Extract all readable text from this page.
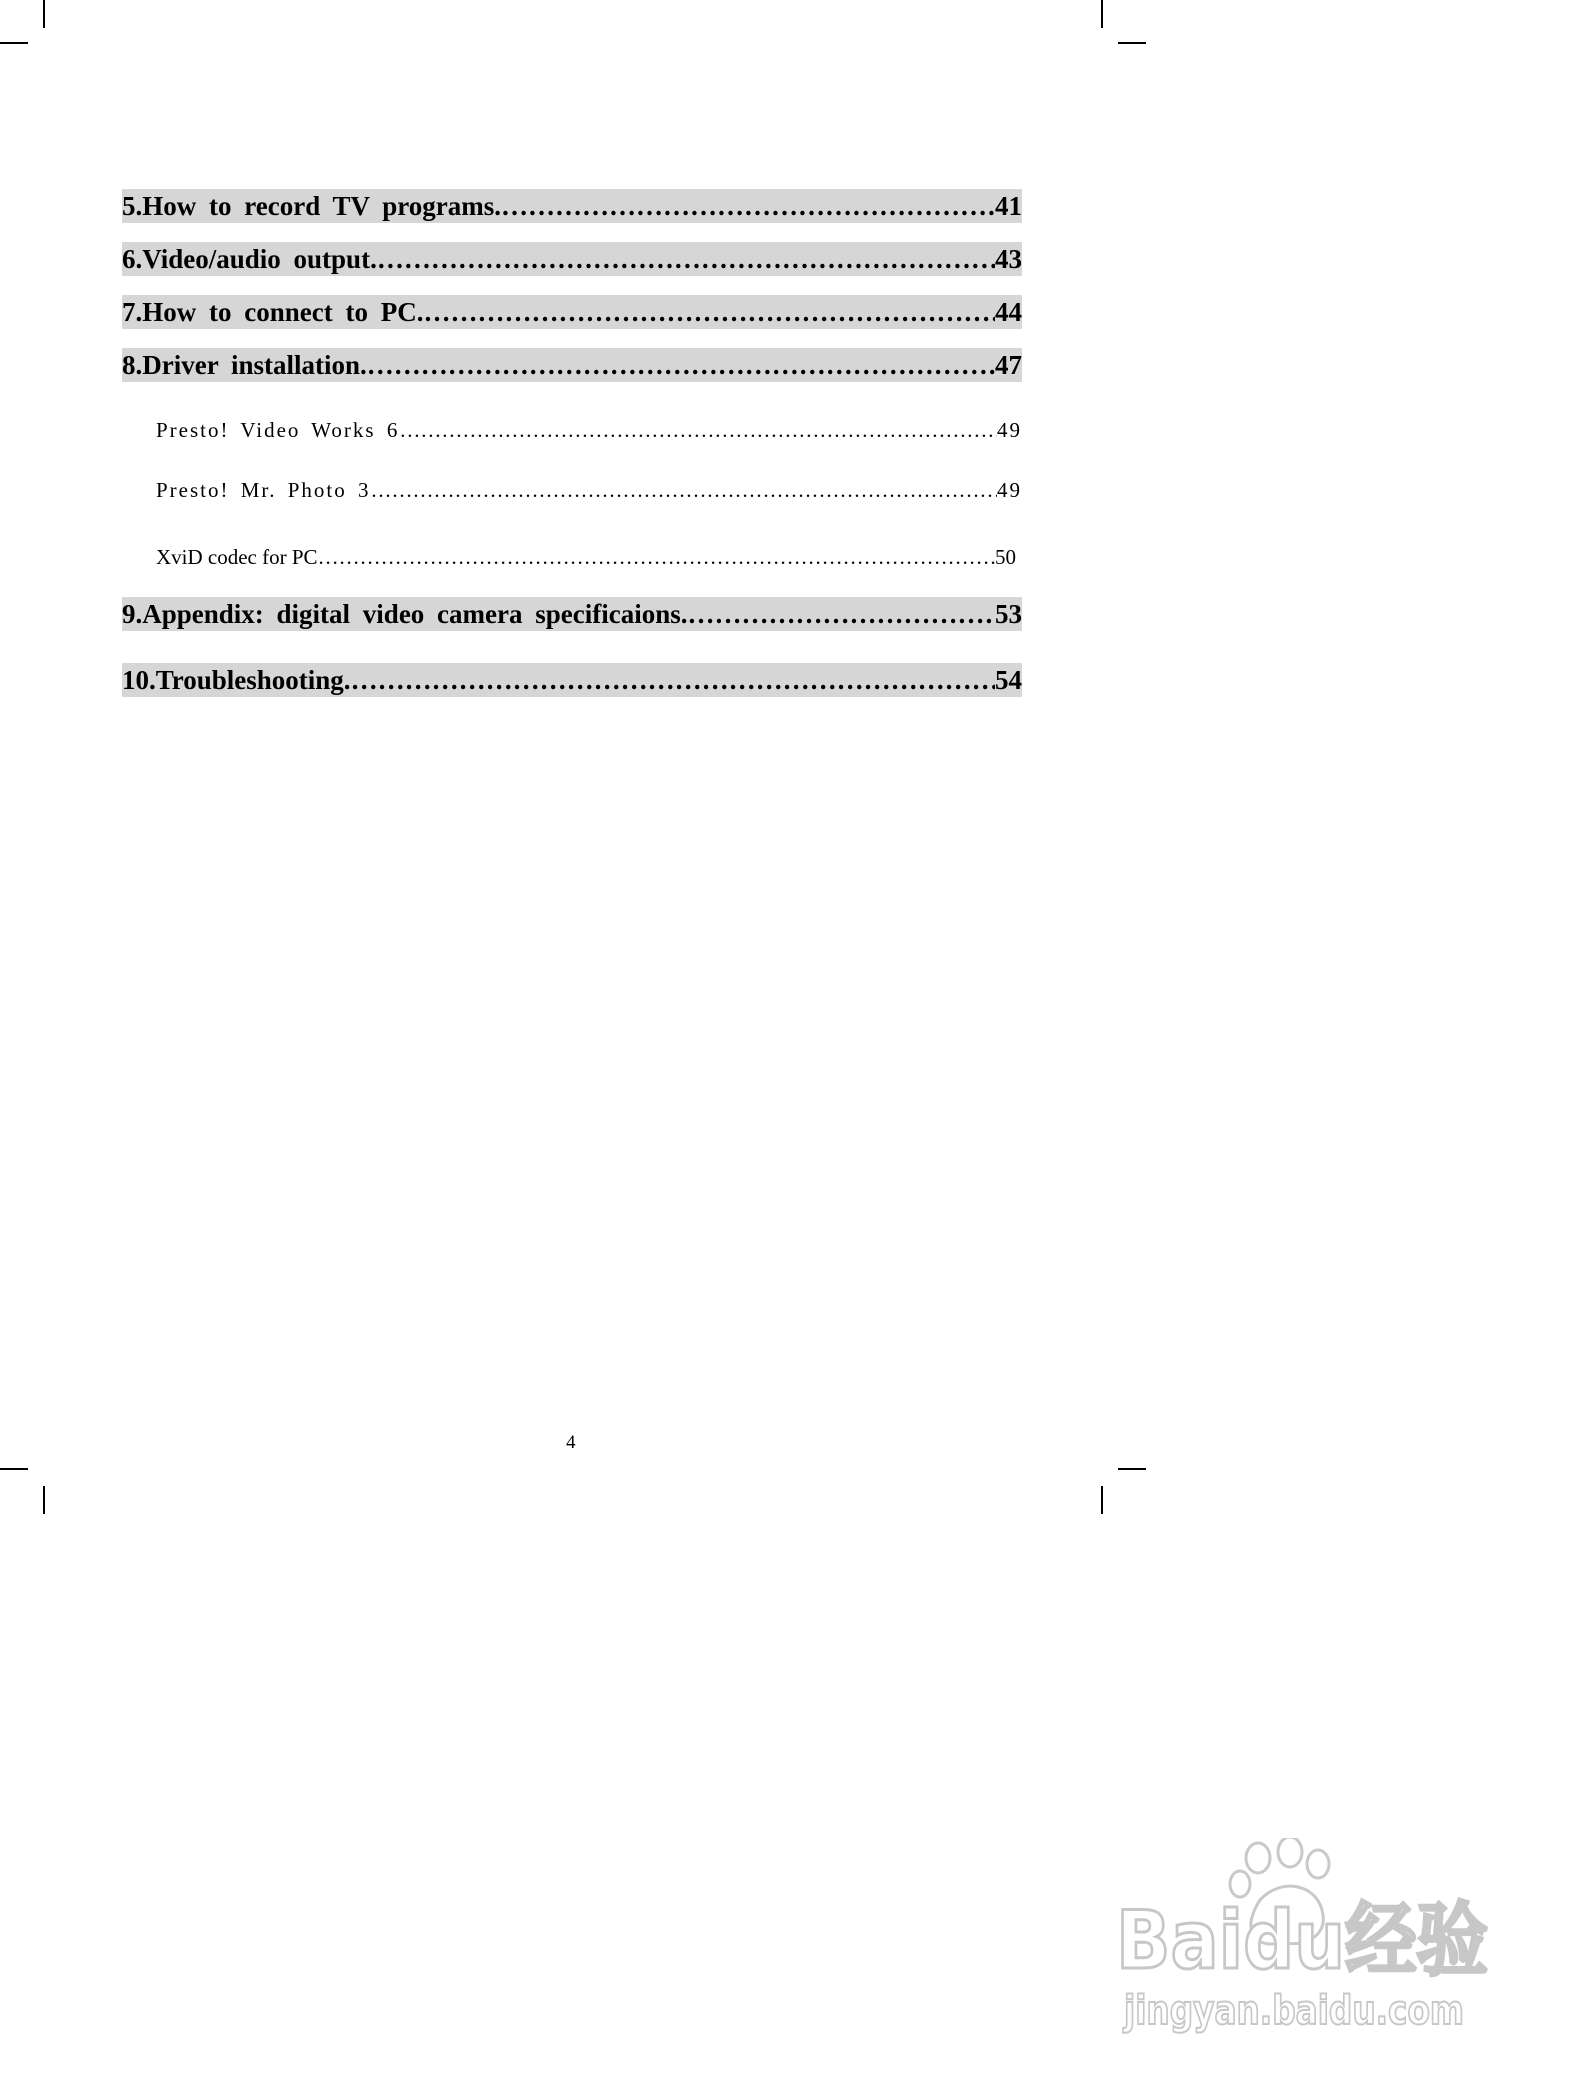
5.How to record TV programs. ………………………………………………………………………………………………………………………………………………………………………………………………………………	41
6.Video/audio output. ………………………………………………………………………………………………………………………………………………………………………………………………………………	43
7.How to connect to PC. ………………………………………………………………………………………………………………………………………………………………………………………………………………	44
8.Driver installation. ………………………………………………………………………………………………………………………………………………………………………………………………………………	47
Presto! Video Works 6 ………………………………………………………………………………………………………………………………………………………………………………………………………………	49
Presto! Mr. Photo 3 ………………………………………………………………………………………………………………………………………………………………………………………………………………	49
XviD codec for PC ………………………………………………………………………………………………………………………………………………………………………………………………………………	50
9.Appendix: digital video camera specificaions. ………………………………………………………………………………………………………………………………………………………………………………………………………………	53
10.Troubleshooting. ………………………………………………………………………………………………………………………………………………………………………………………………………………	54
4
Baidu经验
jingyan.baidu.com
